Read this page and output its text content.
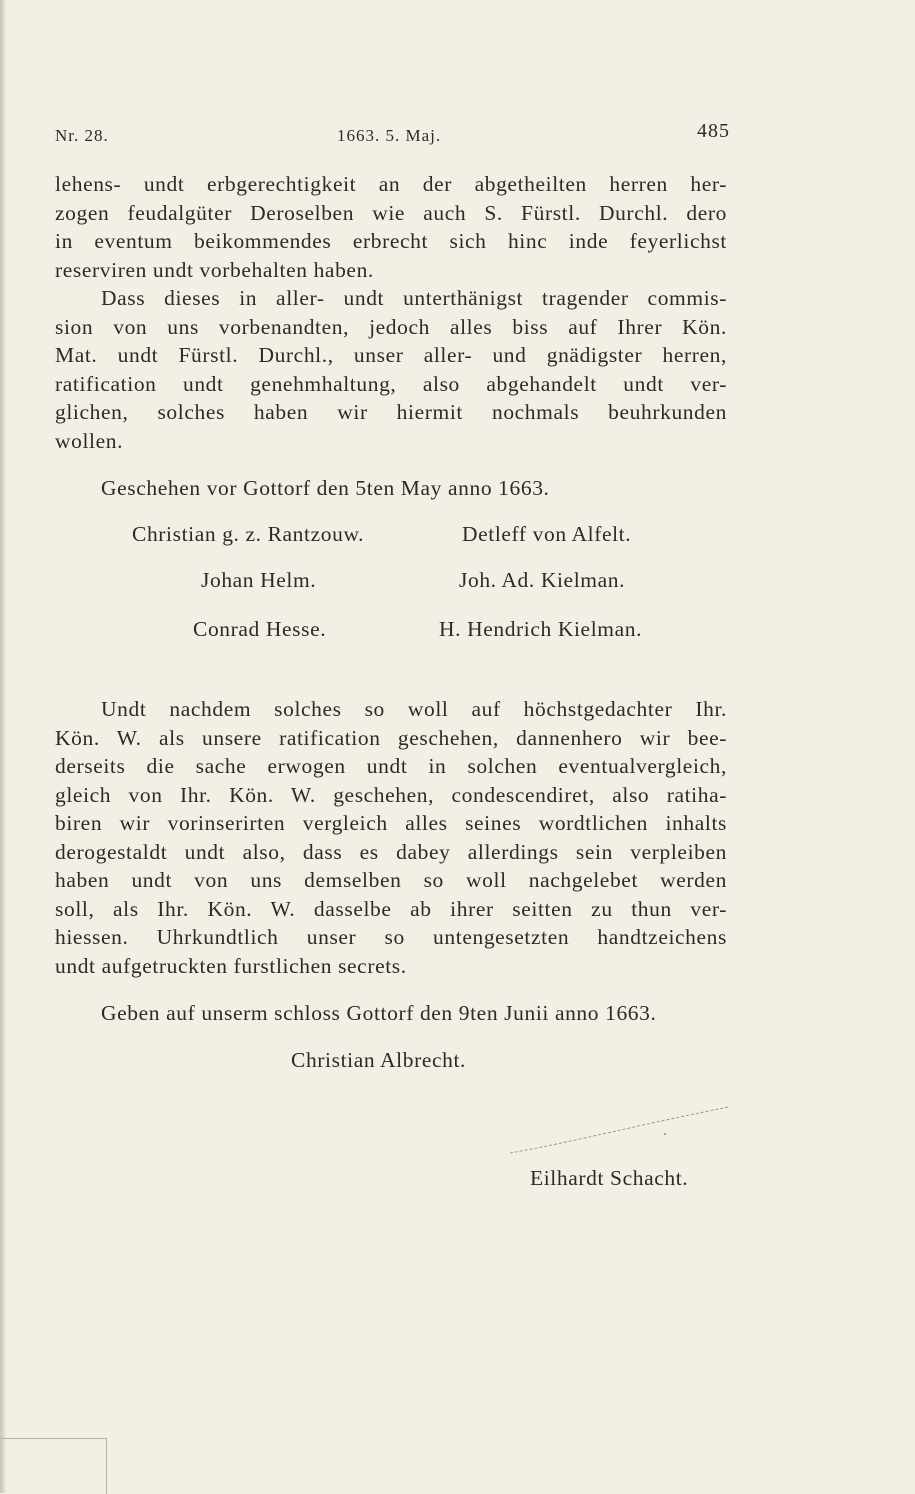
Nr. 28.	1663. 5. Maj.	485
lehens- undt erbgerechtigkeit an der abgetheilten herren her-
zogen feudalgüter Deroselben wie auch S. Fürstl. Durchl. dero
in eventum beikommendes erbrecht sich hinc inde feyerlichst
reserviren undt vorbehalten haben.
Dass dieses in aller- undt unterthänigst tragender commis-
sion von uns vorbenandten, jedoch alles biss auf Ihrer Kön.
Mat. undt Fürstl. Durchl., unser aller- und gnädigster herren,
ratification undt genehmhaltung, also abgehandelt undt ver-
glichen, solches haben wir hiermit nochmals beuhrkunden
wollen.
Geschehen vor Gottorf den 5ten May anno 1663.
Christian g. z. Rantzouw.	Detleff von Alfelt.
Johan Helm.	Joh. Ad. Kielman.
Conrad Hesse.	H. Hendrich Kielman.
Undt nachdem solches so woll auf höchstgedachter Ihr.
Kön. W. als unsere ratification geschehen, dannenhero wir bee-
derseits die sache erwogen undt in solchen eventualvergleich,
gleich von Ihr. Kön. W. geschehen, condescendiret, also ratiha-
biren wir vorinserirten vergleich alles seines wordtlichen inhalts
derogestaldt undt also, dass es dabey allerdings sein verpleiben
haben undt von uns demselben so woll nachgelebet werden
soll, als Ihr. Kön. W. dasselbe ab ihrer seitten zu thun ver-
hiessen. Uhrkundtlich unser so untengesetzten handtzeichens
undt aufgetruckten furstlichen secrets.
Geben auf unserm schloss Gottorf den 9ten Junii anno 1663.
Christian Albrecht.
Eilhardt Schacht.
